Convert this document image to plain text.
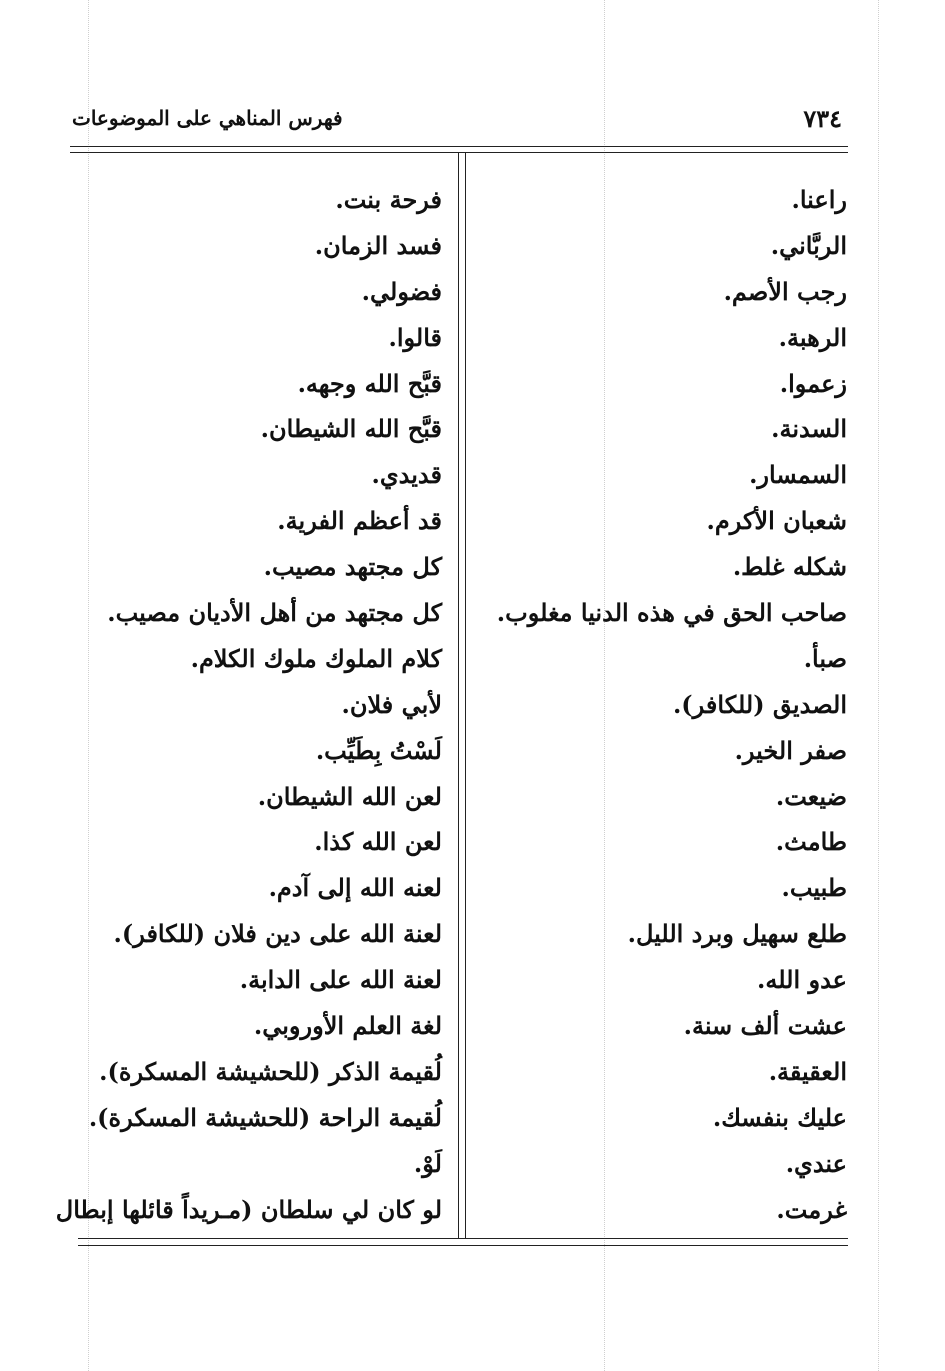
٧٣٤
فهرس المناهي على الموضوعات
راعنا.
الربَّاني.
رجب الأصم.
الرهبة.
زعموا.
السدنة.
السمسار.
شعبان الأكرم.
شكله غلط.
صاحب الحق في هذه الدنيا مغلوب.
صبأ.
الصديق (للكافر).
صفر الخير.
ضيعت.
طامث.
طبيب.
طلع سهيل وبرد الليل.
عدو الله.
عشت ألف سنة.
العقيقة.
عليك بنفسك.
عندي.
غرمت.
فرحة بنت.
فسد الزمان.
فضولي.
قالوا.
قبَّح الله وجهه.
قبَّح الله الشيطان.
قديدي.
قد أعظم الفرية.
كل مجتهد مصيب.
كل مجتهد من أهل الأديان مصيب.
كلام الملوك ملوك الكلام.
لأبي فلان.
لَسْتُ بِطَيِّب.
لعن الله الشيطان.
لعن الله كذا.
لعنه الله إلى آدم.
لعنة الله على دين فلان (للكافر).
لعنة الله على الدابة.
لغة العلم الأوروبي.
لُقيمة الذكر (للحشيشة المسكرة).
لُقيمة الراحة (للحشيشة المسكرة).
لَوْ.
لو كان لي سلطان (مـريداً قائلها إبطال
